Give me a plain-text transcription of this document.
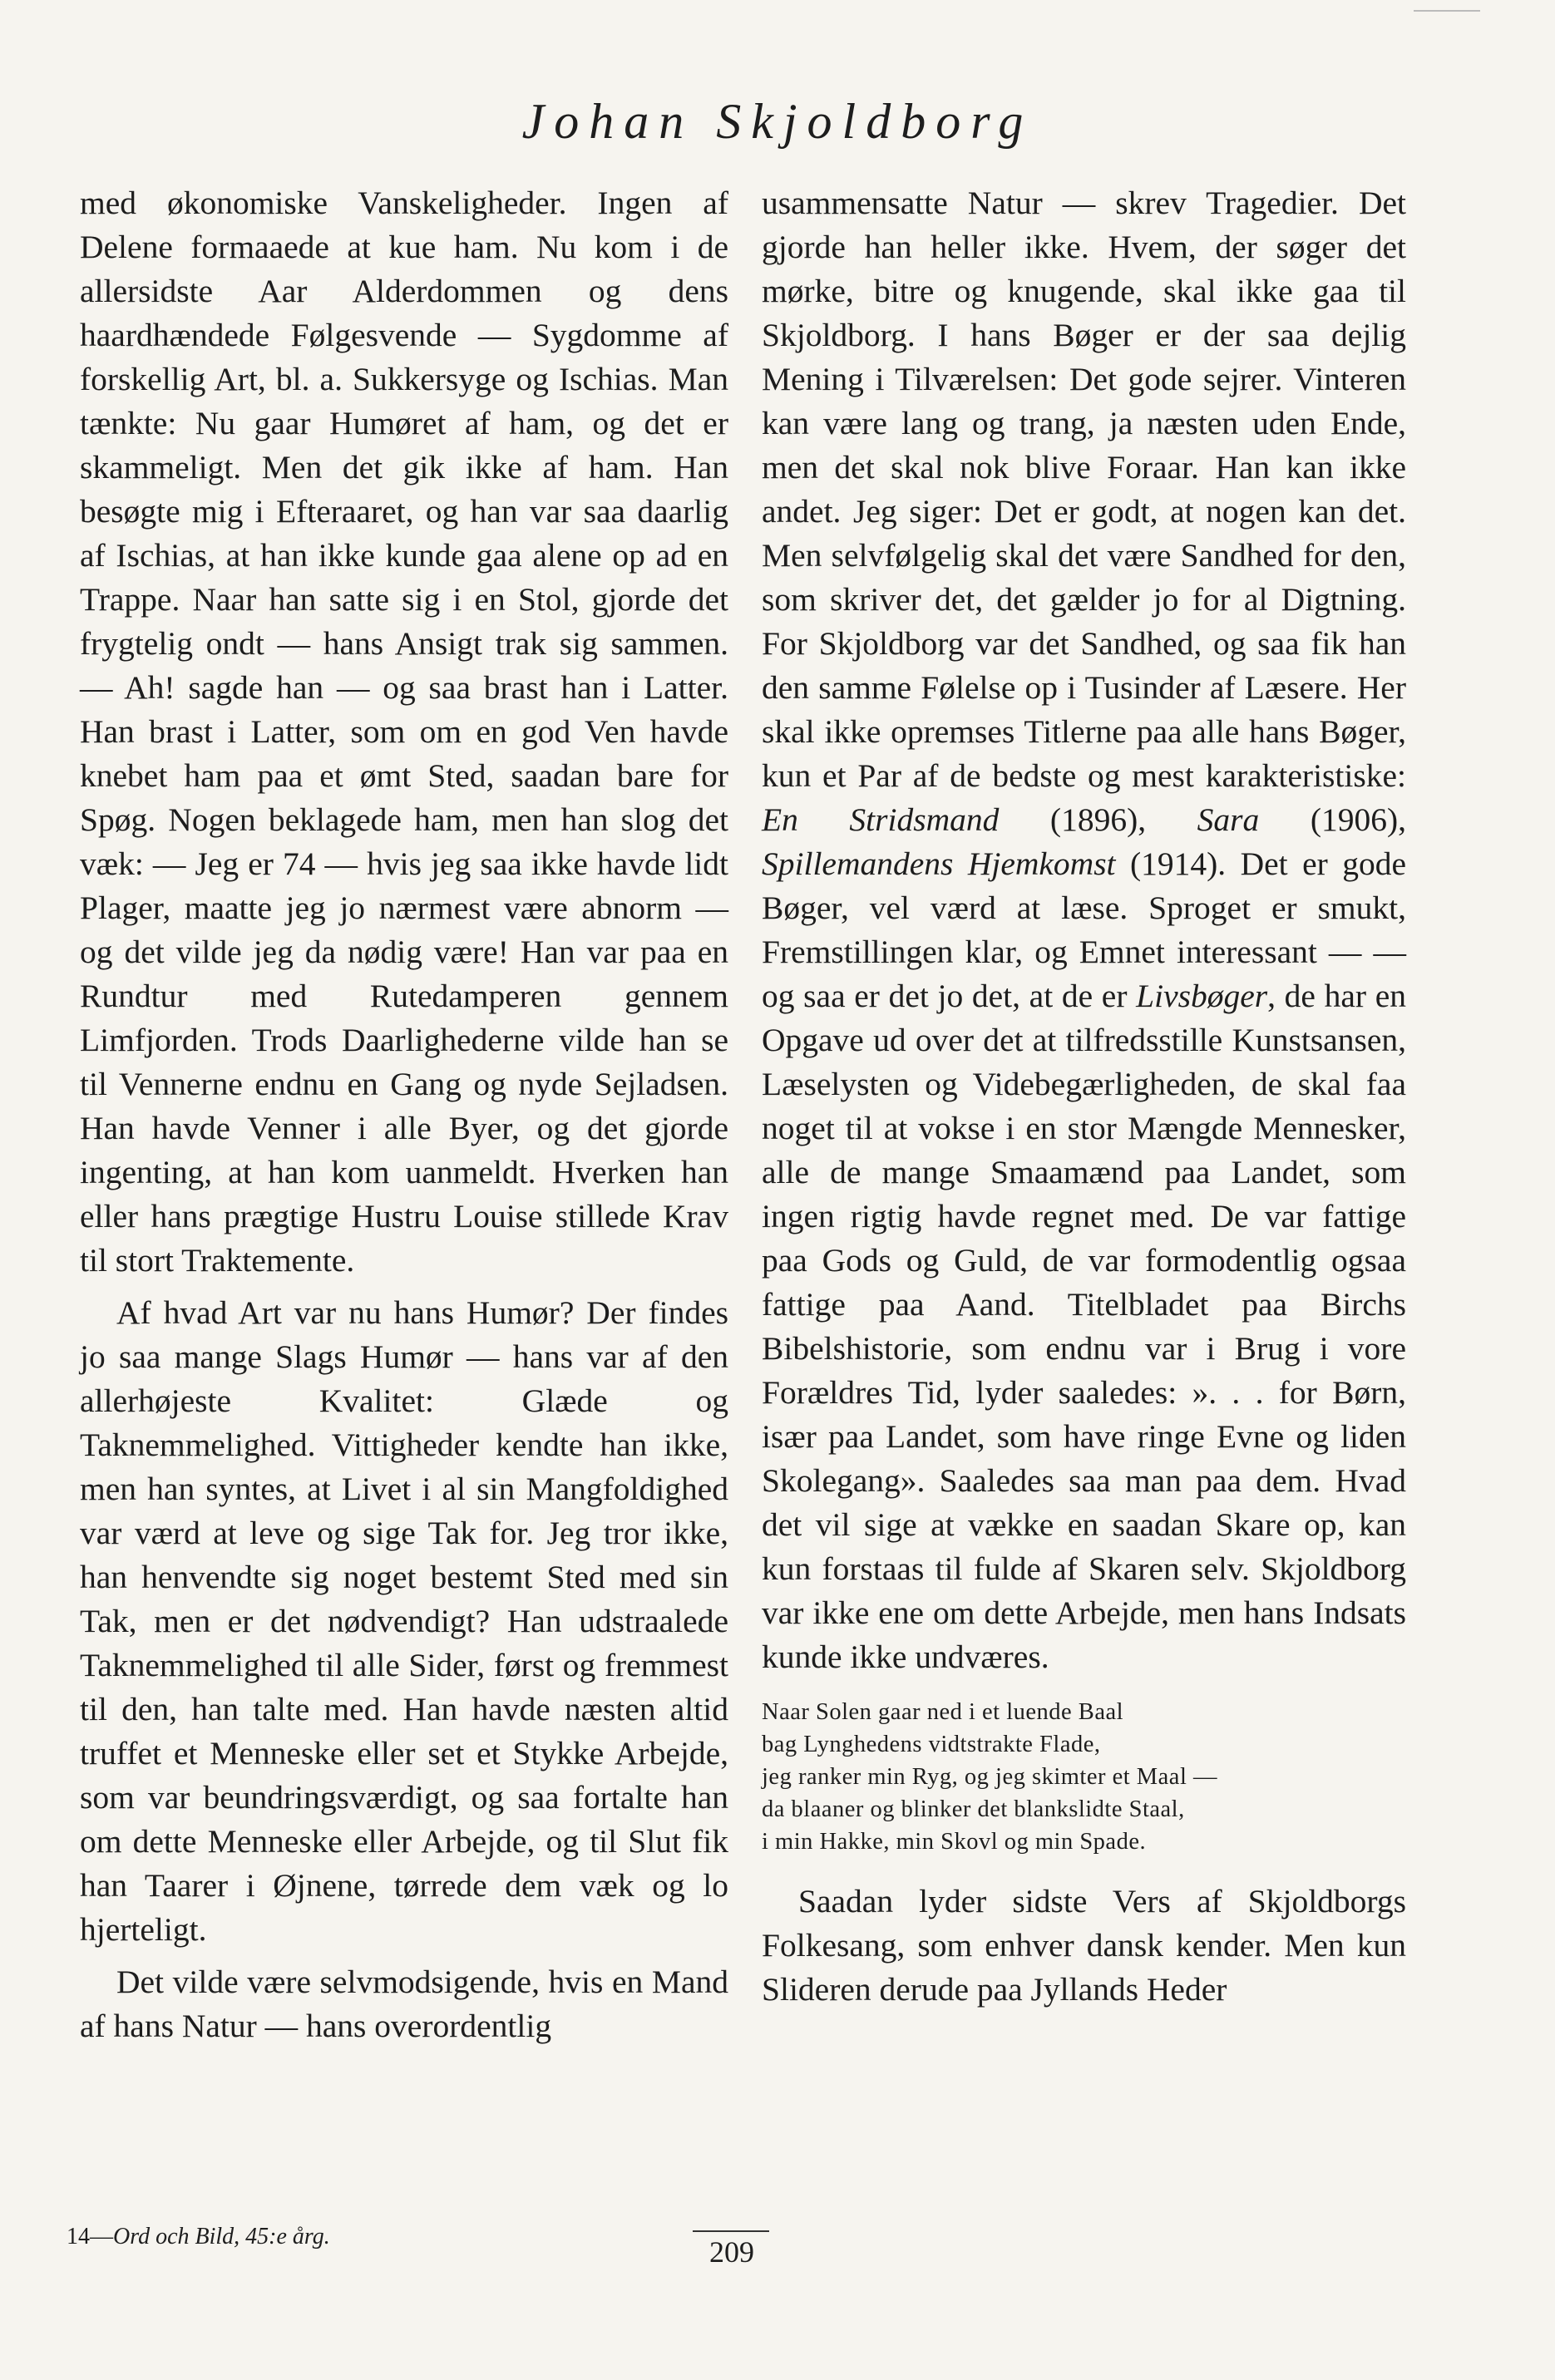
Johan Skjoldborg

med økonomiske Vanskeligheder. Ingen af Delene formaaede at kue ham. Nu kom i de allersidste Aar Alderdommen og dens haardhændede Følgesvende — Sygdomme af forskellig Art, bl. a. Sukkersyge og Ischias. Man tænkte: Nu gaar Humøret af ham, og det er skammeligt. Men det gik ikke af ham. Han besøgte mig i Efteraaret, og han var saa daarlig af Ischias, at han ikke kunde gaa alene op ad en Trappe. Naar han satte sig i en Stol, gjorde det frygtelig ondt — hans Ansigt trak sig sammen. — Ah! sagde han — og saa brast han i Latter. Han brast i Latter, som om en god Ven havde knebet ham paa et ømt Sted, saadan bare for Spøg. Nogen beklagede ham, men han slog det væk: — Jeg er 74 — hvis jeg saa ikke havde lidt Plager, maatte jeg jo nærmest være abnorm — og det vilde jeg da nødig være! Han var paa en Rundtur med Rutedamperen gennem Limfjorden. Trods Daarlighederne vilde han se til Vennerne endnu en Gang og nyde Sejladsen. Han havde Venner i alle Byer, og det gjorde ingenting, at han kom uanmeldt. Hverken han eller hans prægtige Hustru Louise stillede Krav til stort Traktemente.

Af hvad Art var nu hans Humør? Der findes jo saa mange Slags Humør — hans var af den allerhøjeste Kvalitet: Glæde og Taknemmelighed. Vittigheder kendte han ikke, men han syntes, at Livet i al sin Mangfoldighed var værd at leve og sige Tak for. Jeg tror ikke, han henvendte sig noget bestemt Sted med sin Tak, men er det nødvendigt? Han udstraalede Taknemmelighed til alle Sider, først og fremmest til den, han talte med. Han havde næsten altid truffet et Menneske eller set et Stykke Arbejde, som var beundringsværdigt, og saa fortalte han om dette Menneske eller Arbejde, og til Slut fik han Taarer i Øjnene, tørrede dem væk og lo hjerteligt.

Det vilde være selvmodsigende, hvis en Mand af hans Natur — hans overordentlig

usammensatte Natur — skrev Tragedier. Det gjorde han heller ikke. Hvem, der søger det mørke, bitre og knugende, skal ikke gaa til Skjoldborg. I hans Bøger er der saa dejlig Mening i Tilværelsen: Det gode sejrer. Vinteren kan være lang og trang, ja næsten uden Ende, men det skal nok blive Foraar. Han kan ikke andet. Jeg siger: Det er godt, at nogen kan det. Men selvfølgelig skal det være Sandhed for den, som skriver det, det gælder jo for al Digtning. For Skjoldborg var det Sandhed, og saa fik han den samme Følelse op i Tusinder af Læsere. Her skal ikke opremses Titlerne paa alle hans Bøger, kun et Par af de bedste og mest karakteristiske: En Stridsmand (1896), Sara (1906), Spillemandens Hjemkomst (1914). Det er gode Bøger, vel værd at læse. Sproget er smukt, Fremstillingen klar, og Emnet interessant — — og saa er det jo det, at de er Livsbøger, de har en Opgave ud over det at tilfredsstille Kunstsansen, Læselysten og Videbegærligheden, de skal faa noget til at vokse i en stor Mængde Mennesker, alle de mange Smaamænd paa Landet, som ingen rigtig havde regnet med. De var fattige paa Gods og Guld, de var formodentlig ogsaa fattige paa Aand. Titelbladet paa Birchs Bibelshistorie, som endnu var i Brug i vore Forældres Tid, lyder saaledes: ». . . for Børn, især paa Landet, som have ringe Evne og liden Skolegang». Saaledes saa man paa dem. Hvad det vil sige at vække en saadan Skare op, kan kun forstaas til fulde af Skaren selv. Skjoldborg var ikke ene om dette Arbejde, men hans Indsats kunde ikke undværes.

Naar Solen gaar ned i et luende Baal
bag Lynghedens vidtstrakte Flade,
jeg ranker min Ryg, og jeg skimter et Maal —
da blaaner og blinker det blankslidte Staal,
i min Hakke, min Skovl og min Spade.

Saadan lyder sidste Vers af Skjoldborgs Folkesang, som enhver dansk kender. Men kun Slideren derude paa Jyllands Heder

14—Ord och Bild, 45:e årg.	209
